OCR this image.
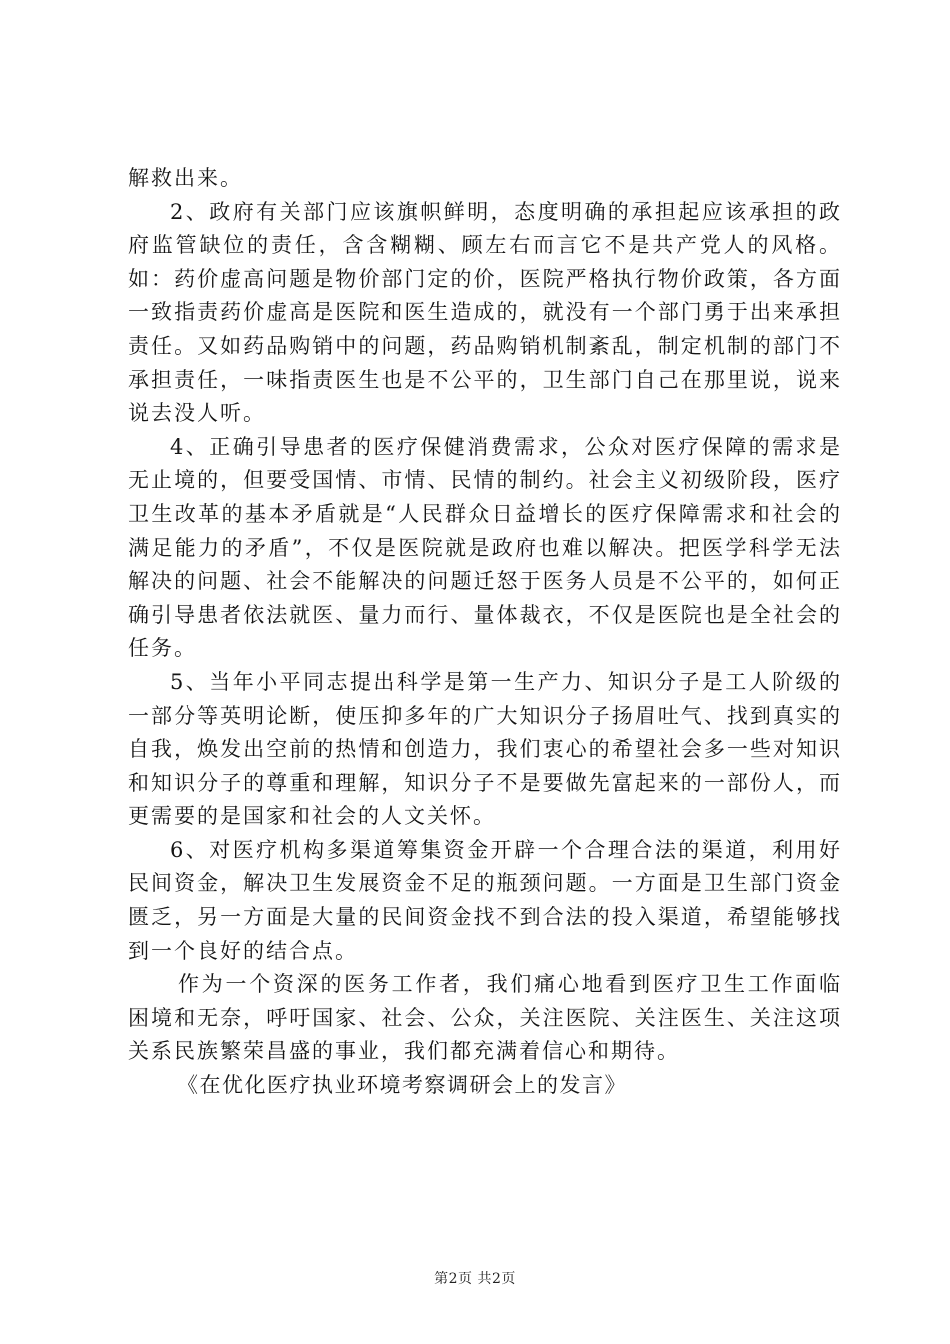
解救出来。

2、政府有关部门应该旗帜鲜明，态度明确的承担起应该承担的政府监管缺位的责任，含含糊糊、顾左右而言它不是共产党人的风格。如：药价虚高问题是物价部门定的价，医院严格执行物价政策，各方面一致指责药价虚高是医院和医生造成的，就没有一个部门勇于出来承担责任。又如药品购销中的问题，药品购销机制紊乱，制定机制的部门不承担责任，一味指责医生也是不公平的，卫生部门自己在那里说，说来说去没人听。

4、正确引导患者的医疗保健消费需求，公众对医疗保障的需求是无止境的，但要受国情、市情、民情的制约。社会主义初级阶段，医疗卫生改革的基本矛盾就是“人民群众日益增长的医疗保障需求和社会的满足能力的矛盾”，不仅是医院就是政府也难以解决。把医学科学无法解决的问题、社会不能解决的问题迁怒于医务人员是不公平的，如何正确引导患者依法就医、量力而行、量体裁衣，不仅是医院也是全社会的任务。

5、当年小平同志提出科学是第一生产力、知识分子是工人阶级的一部分等英明论断，使压抑多年的广大知识分子扬眉吐气、找到真实的自我，焕发出空前的热情和创造力，我们衷心的希望社会多一些对知识和知识分子的尊重和理解，知识分子不是要做先富起来的一部份人，而更需要的是国家和社会的人文关怀。

6、对医疗机构多渠道筹集资金开辟一个合理合法的渠道，利用好民间资金，解决卫生发展资金不足的瓶颈问题。一方面是卫生部门资金匮乏，另一方面是大量的民间资金找不到合法的投入渠道，希望能够找到一个良好的结合点。

作为一个资深的医务工作者，我们痛心地看到医疗卫生工作面临困境和无奈，呼吁国家、社会、公众，关注医院、关注医生、关注这项关系民族繁荣昌盛的事业，我们都充满着信心和期待。

《在优化医疗执业环境考察调研会上的发言》

第2页 共2页
